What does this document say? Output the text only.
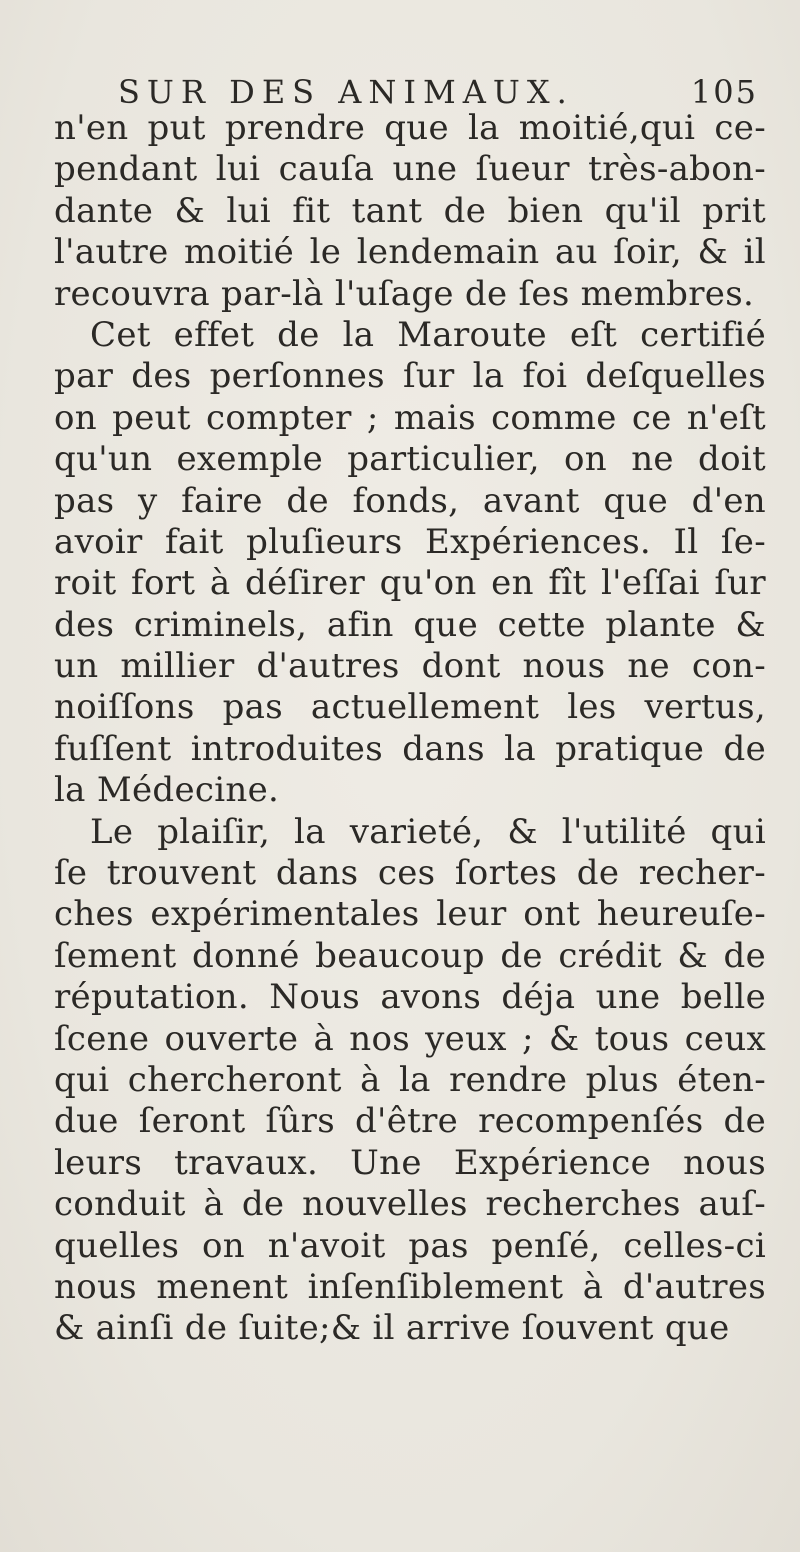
SUR DES ANIMAUX.	105
n'en put prendre que la moitié,qui ce-
pendant lui cauſa une ſueur très-abon-
dante & lui fit tant de bien qu'il prit
l'autre moitié le lendemain au ſoir, & il
recouvra par-là l'uſage de ſes membres.
Cet effet de la Maroute eſt certifié
par des perſonnes ſur la foi deſquelles
on peut compter ; mais comme ce n'eſt
qu'un exemple particulier, on ne doit
pas y faire de fonds, avant que d'en
avoir fait pluſieurs Expériences. Il ſe-
roit fort à déſirer qu'on en fît l'eſſai ſur
des criminels, afin que cette plante &
un millier d'autres dont nous ne con-
noiſſons pas actuellement les vertus,
fuſſent introduites dans la pratique de
la Médecine.
Le plaiſir, la varieté, & l'utilité qui
ſe trouvent dans ces ſortes de recher-
ches expérimentales leur ont heureuſe-
ſement donné beaucoup de crédit & de
réputation. Nous avons déja une belle
ſcene ouverte à nos yeux ; & tous ceux
qui chercheront à la rendre plus éten-
due ſeront ſûrs d'être recompenſés de
leurs travaux. Une Expérience nous
conduit à de nouvelles recherches auſ-
quelles on n'avoit pas penſé, celles-ci
nous menent inſenſiblement à d'autres
& ainſi de ſuite;& il arrive ſouvent que
